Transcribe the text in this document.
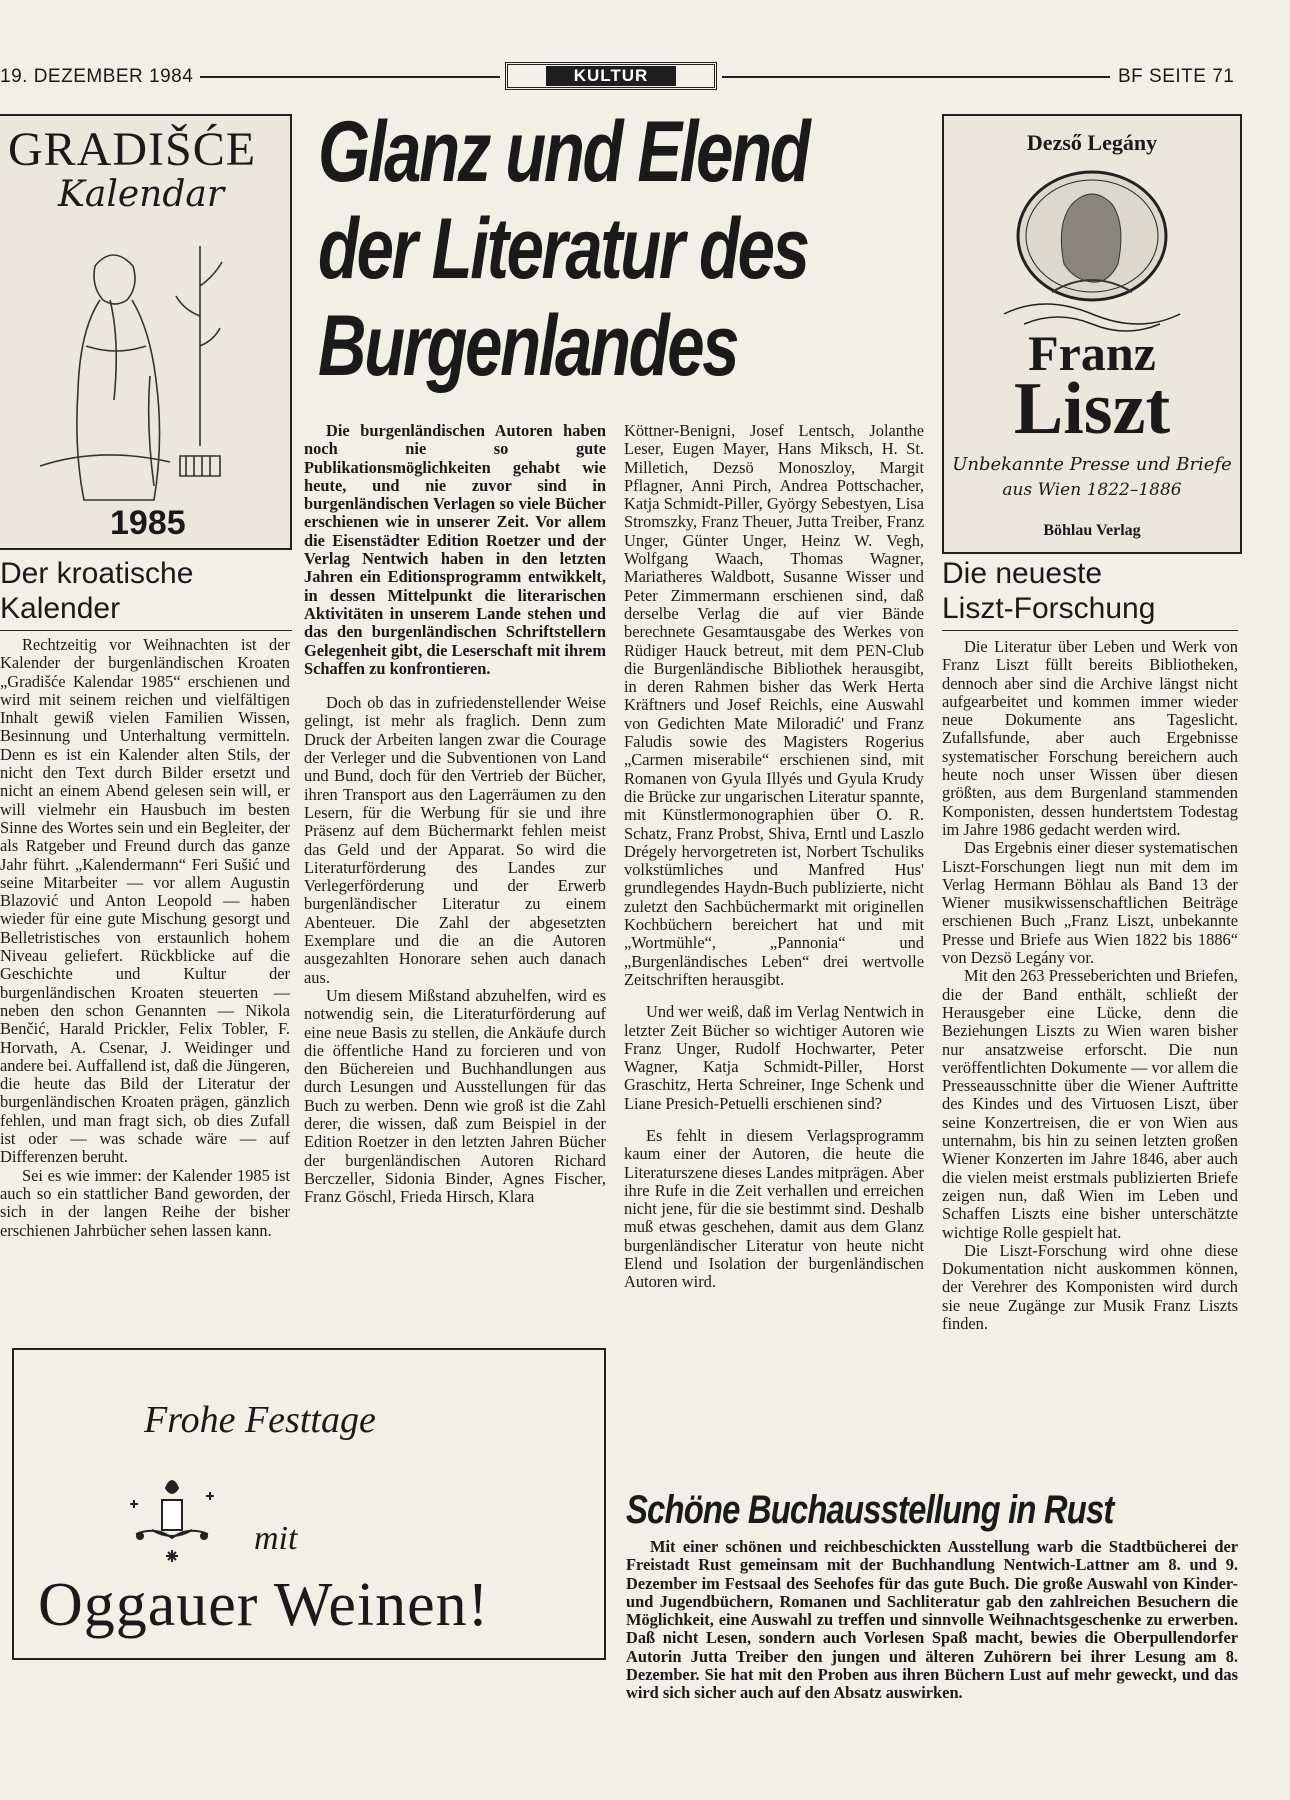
19. DEZEMBER 1984	KULTUR	BF SEITE 71
GRADIŠĆE
Kalendar
1985
Der kroatische
Kalender

Rechtzeitig vor Weihnachten ist der Kalender der burgenländischen Kroaten „Gradišće Kalendar 1985“ erschienen und wird mit seinem reichen und vielfältigen Inhalt gewiß vielen Familien Wissen, Besinnung und Unterhaltung vermitteln. Denn es ist ein Kalender alten Stils, der nicht den Text durch Bilder ersetzt und nicht an einem Abend gelesen sein will, er will vielmehr ein Hausbuch im besten Sinne des Wortes sein und ein Begleiter, der als Ratgeber und Freund durch das ganze Jahr führt. „Kalendermann“ Feri Sušić und seine Mitarbeiter — vor allem Augustin Blazović und Anton Leopold — haben wieder für eine gute Mischung gesorgt und Belletristisches von erstaunlich hohem Niveau geliefert. Rückblicke auf die Geschichte und Kultur der burgenländischen Kroaten steuerten — neben den schon Genannten — Nikola Benčić, Harald Prickler, Felix Tobler, F. Horvath, A. Csenar, J. Weidinger und andere bei. Auffallend ist, daß die Jüngeren, die heute das Bild der Literatur der burgenländischen Kroaten prägen, gänzlich fehlen, und man fragt sich, ob dies Zufall ist oder — was schade wäre — auf Differenzen beruht.

Sei es wie immer: der Kalender 1985 ist auch so ein stattlicher Band geworden, der sich in der langen Reihe der bisher erschienen Jahrbücher sehen lassen kann.

Glanz und Elend
der Literatur des
Burgenlandes

Die burgenländischen Autoren haben noch nie so gute Publikationsmöglichkeiten gehabt wie heute, und nie zuvor sind in burgenländischen Verlagen so viele Bücher erschienen wie in unserer Zeit. Vor allem die Eisenstädter Edition Roetzer und der Verlag Nentwich haben in den letzten Jahren ein Editionsprogramm entwikkelt, in dessen Mittelpunkt die literarischen Aktivitäten in unserem Lande stehen und das den burgenländischen Schriftstellern Gelegenheit gibt, die Leserschaft mit ihrem Schaffen zu konfrontieren.

Doch ob das in zufriedenstellender Weise gelingt, ist mehr als fraglich. Denn zum Druck der Arbeiten langen zwar die Courage der Verleger und die Subventionen von Land und Bund, doch für den Vertrieb der Bücher, ihren Transport aus den Lagerräumen zu den Lesern, für die Werbung für sie und ihre Präsenz auf dem Büchermarkt fehlen meist das Geld und der Apparat. So wird die Literaturförderung des Landes zur Verlegerförderung und der Erwerb burgenländischer Literatur zu einem Abenteuer. Die Zahl der abgesetzten Exemplare und die an die Autoren ausgezahlten Honorare sehen auch danach aus.

Um diesem Mißstand abzuhelfen, wird es notwendig sein, die Literaturförderung auf eine neue Basis zu stellen, die Ankäufe durch die öffentliche Hand zu forcieren und von den Büchereien und Buchhandlungen aus durch Lesungen und Ausstellungen für das Buch zu werben. Denn wie groß ist die Zahl derer, die wissen, daß zum Beispiel in der Edition Roetzer in den letzten Jahren Bücher der burgenländischen Autoren Richard Berczeller, Sidonia Binder, Agnes Fischer, Franz Göschl, Frieda Hirsch, Klara

Köttner-Benigni, Josef Lentsch, Jolanthe Leser, Eugen Mayer, Hans Miksch, H. St. Milletich, Dezsö Monoszloy, Margit Pflagner, Anni Pirch, Andrea Pottschacher, Katja Schmidt-Piller, György Sebestyen, Lisa Stromszky, Franz Theuer, Jutta Treiber, Franz Unger, Günter Unger, Heinz W. Vegh, Wolfgang Waach, Thomas Wagner, Mariatheres Waldbott, Susanne Wisser und Peter Zimmermann erschienen sind, daß derselbe Verlag die auf vier Bände berechnete Gesamtausgabe des Werkes von Rüdiger Hauck betreut, mit dem PEN-Club die Burgenländische Bibliothek herausgibt, in deren Rahmen bisher das Werk Herta Kräftners und Josef Reichls, eine Auswahl von Gedichten Mate Miloradić' und Franz Faludis sowie des Magisters Rogerius „Carmen miserabile“ erschienen sind, mit Romanen von Gyula Illyés und Gyula Krudy die Brücke zur ungarischen Literatur spannte, mit Künstlermonographien über O. R. Schatz, Franz Probst, Shiva, Erntl und Laszlo Drégely hervorgetreten ist, Norbert Tschuliks volkstümliches und Manfred Hus' grundlegendes Haydn-Buch publizierte, nicht zuletzt den Sachbüchermarkt mit originellen Kochbüchern bereichert hat und mit „Wortmühle“, „Pannonia“ und „Burgenländisches Leben“ drei wertvolle Zeitschriften herausgibt.

Und wer weiß, daß im Verlag Nentwich in letzter Zeit Bücher so wichtiger Autoren wie Franz Unger, Rudolf Hochwarter, Peter Wagner, Katja Schmidt-Piller, Horst Graschitz, Herta Schreiner, Inge Schenk und Liane Presich-Petuelli erschienen sind?

Es fehlt in diesem Verlagsprogramm kaum einer der Autoren, die heute die Literaturszene dieses Landes mitprägen. Aber ihre Rufe in die Zeit verhallen und erreichen nicht jene, für die sie bestimmt sind. Deshalb muß etwas geschehen, damit aus dem Glanz burgenländischer Literatur von heute nicht Elend und Isolation der burgenländischen Autoren wird.

Dezső Legány
Franz
Liszt
Unbekannte Presse und Briefe
aus Wien 1822–1886
Böhlau Verlag
Die neueste
Liszt-Forschung

Die Literatur über Leben und Werk von Franz Liszt füllt bereits Bibliotheken, dennoch aber sind die Archive längst nicht aufgearbeitet und kommen immer wieder neue Dokumente ans Tageslicht. Zufallsfunde, aber auch Ergebnisse systematischer Forschung bereichern auch heute noch unser Wissen über diesen größten, aus dem Burgenland stammenden Komponisten, dessen hundertstem Todestag im Jahre 1986 gedacht werden wird.

Das Ergebnis einer dieser systematischen Liszt-Forschungen liegt nun mit dem im Verlag Hermann Böhlau als Band 13 der Wiener musikwissenschaftlichen Beiträge erschienen Buch „Franz Liszt, unbekannte Presse und Briefe aus Wien 1822 bis 1886“ von Dezsö Legány vor.

Mit den 263 Presseberichten und Briefen, die der Band enthält, schließt der Herausgeber eine Lücke, denn die Beziehungen Liszts zu Wien waren bisher nur ansatzweise erforscht. Die nun veröffentlichten Dokumente — vor allem die Presseausschnitte über die Wiener Auftritte des Kindes und des Virtuosen Liszt, über seine Konzertreisen, die er von Wien aus unternahm, bis hin zu seinen letzten großen Wiener Konzerten im Jahre 1846, aber auch die vielen meist erstmals publizierten Briefe zeigen nun, daß Wien im Leben und Schaffen Liszts eine bisher unterschätzte wichtige Rolle gespielt hat.

Die Liszt-Forschung wird ohne diese Dokumentation nicht auskommen können, der Verehrer des Komponisten wird durch sie neue Zugänge zur Musik Franz Liszts finden.

Schöne Buchausstellung in Rust

Mit einer schönen und reichbeschickten Ausstellung warb die Stadtbücherei der Freistadt Rust gemeinsam mit der Buchhandlung Nentwich-Lattner am 8. und 9. Dezember im Festsaal des Seehofes für das gute Buch. Die große Auswahl von Kinder- und Jugendbüchern, Romanen und Sachliteratur gab den zahlreichen Besuchern die Möglichkeit, eine Auswahl zu treffen und sinnvolle Weihnachtsgeschenke zu erwerben. Daß nicht Lesen, sondern auch Vorlesen Spaß macht, bewies die Oberpullendorfer Autorin Jutta Treiber den jungen und älteren Zuhörern bei ihrer Lesung am 8. Dezember. Sie hat mit den Proben aus ihren Büchern Lust auf mehr geweckt, und das wird sich sicher auch auf den Absatz auswirken.

Frohe Festtage
mit
Oggauer Weinen!
